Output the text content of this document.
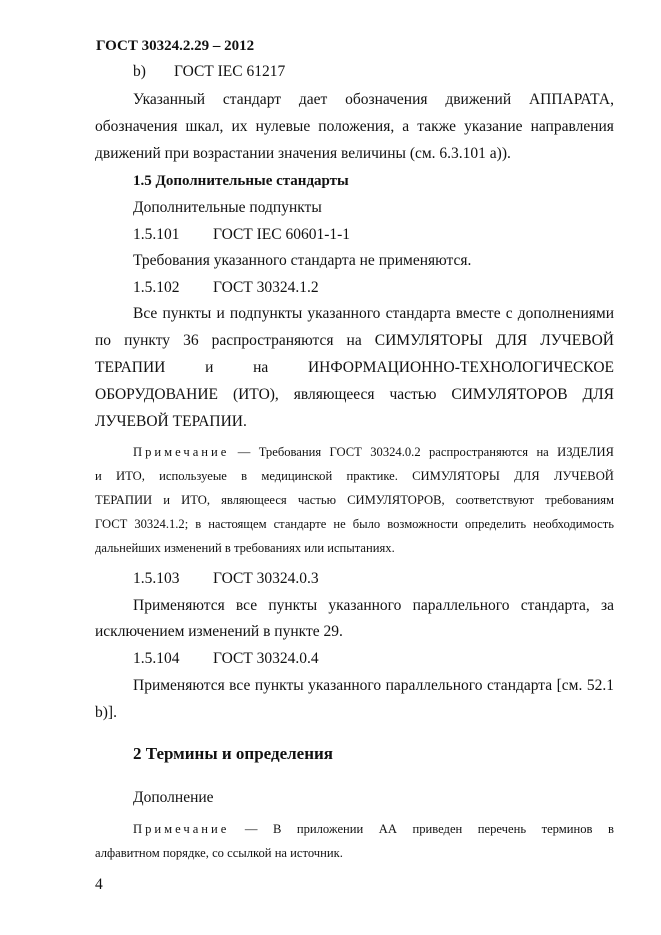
ГОСТ 30324.2.29 – 2012
b) ГОСТ IEC 61217
Указанный стандарт дает обозначения движений АППАРАТА,
обозначения шкал, их нулевые положения, а также указание направления
движений при возрастании значения величины (см. 6.3.101 а)).
1.5 Дополнительные стандарты
Дополнительные подпункты
1.5.101 ГОСТ IEC 60601-1-1
Требования указанного стандарта не применяются.
1.5.102 ГОСТ 30324.1.2
Все пункты и подпункты указанного стандарта вместе с дополнениями
по пункту 36 распространяются на СИМУЛЯТОРЫ ДЛЯ ЛУЧЕВОЙ
ТЕРАПИИ	и	на	ИНФОРМАЦИОННО-ТЕХНОЛОГИЧЕСКОЕ
ОБОРУДОВАНИЕ (ИТО), являющееся частью СИМУЛЯТОРОВ ДЛЯ
ЛУЧЕВОЙ ТЕРАПИИ.
Примечание — Требования ГОСТ 30324.0.2 распространяются на ИЗДЕЛИЯ
и ИТО, используеые в медицинской практике. СИМУЛЯТОРЫ ДЛЯ ЛУЧЕВОЙ
ТЕРАПИИ и ИТО, являющееся частью СИМУЛЯТОРОВ, соответствуют требованиям
ГОСТ 30324.1.2; в настоящем стандарте не было возможности определить необходимость
дальнейших изменений в требованиях или испытаниях.
1.5.103 ГОСТ 30324.0.3
Применяются все пункты указанного параллельного стандарта, за
исключением изменений в пункте 29.
1.5.104 ГОСТ 30324.0.4
Применяются все пункты указанного параллельного стандарта [см. 52.1
b)].
2 Термины и определения
Дополнение
Примечание — В приложении АА приведен перечень терминов в
алфавитном порядке, со ссылкой на источник.
4
